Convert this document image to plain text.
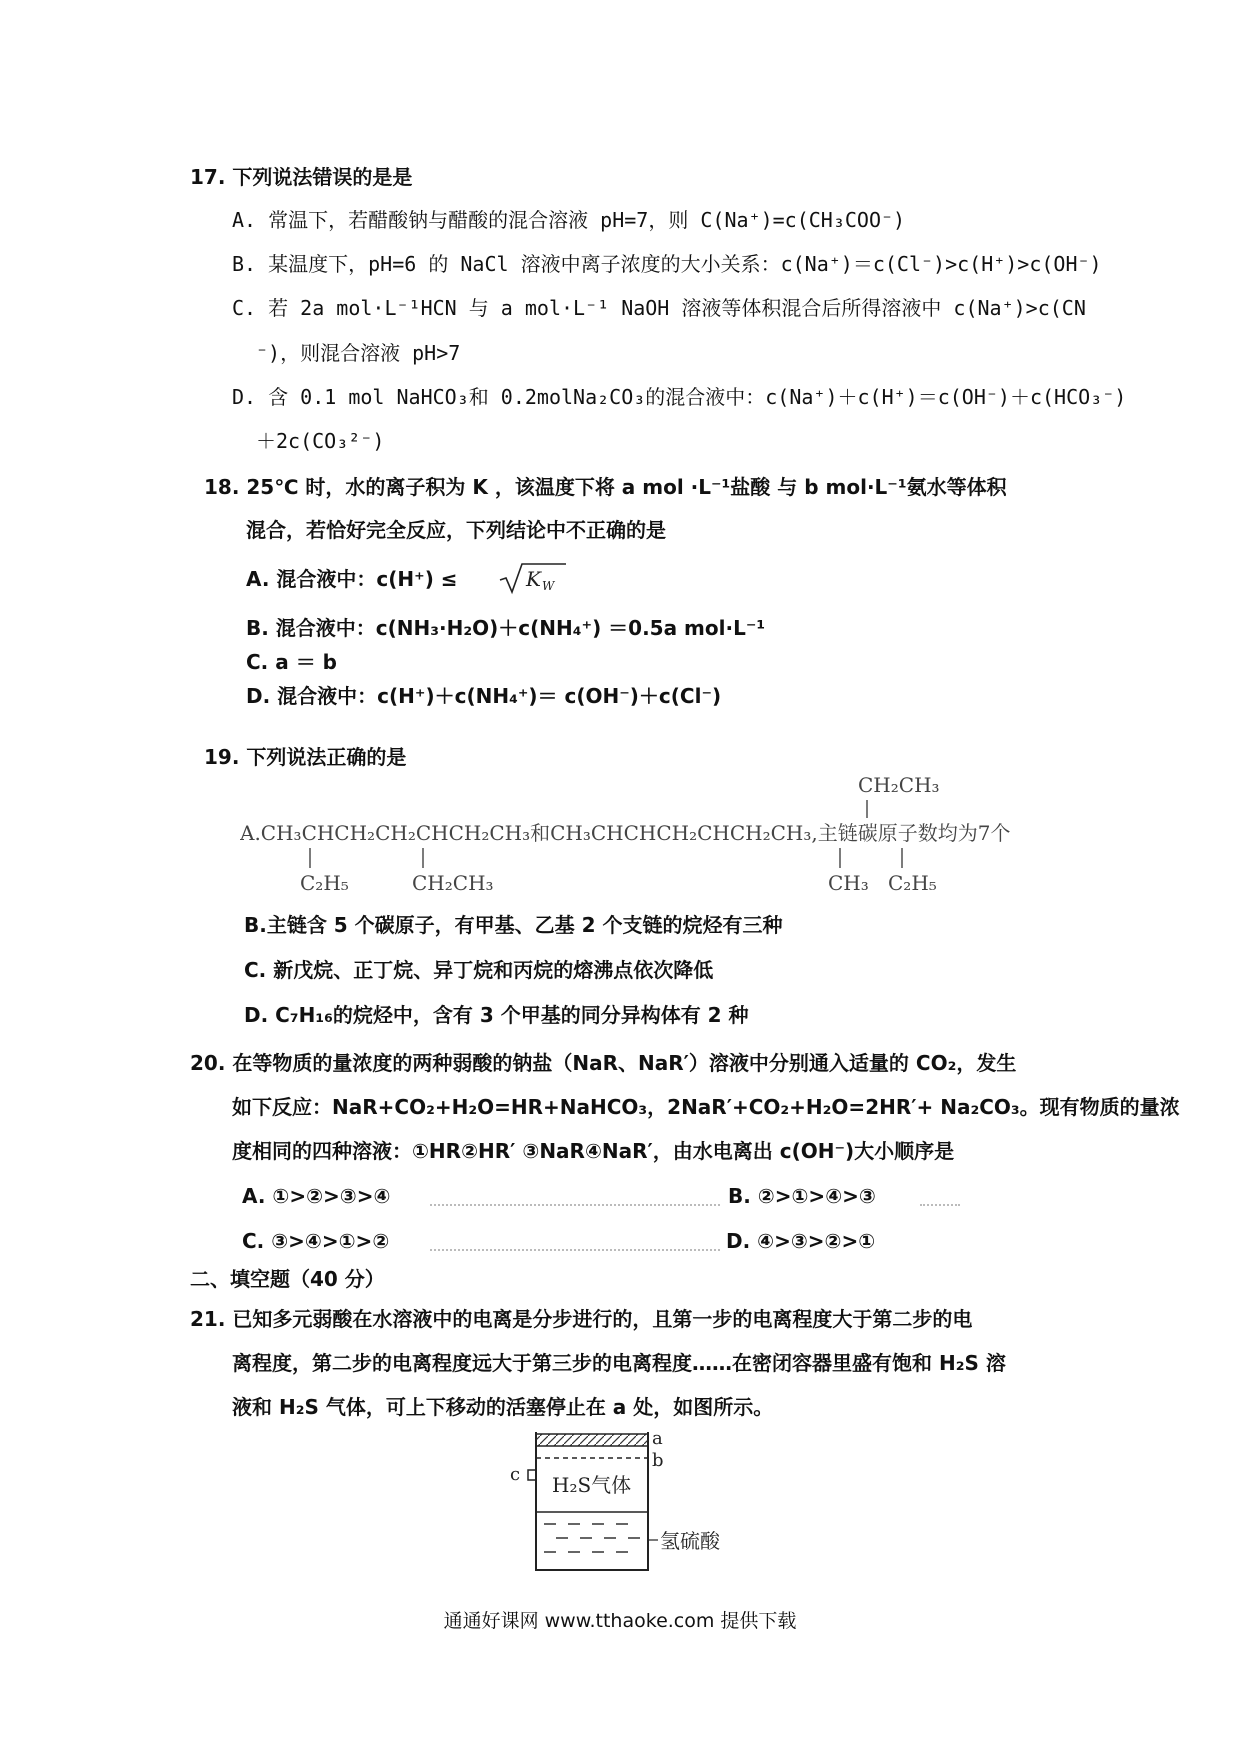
17. 下列说法错误的是是
A. 常温下，若醋酸钠与醋酸的混合溶液 pH=7，则 C(Na⁺)=c(CH₃COO⁻)
B. 某温度下，pH=6 的 NaCl 溶液中离子浓度的大小关系：c(Na⁺)＝c(Cl⁻)>c(H⁺)>c(OH⁻)
C. 若 2a mol·L⁻¹HCN 与 a mol·L⁻¹ NaOH 溶液等体积混合后所得溶液中 c(Na⁺)>c(CN
⁻)，则混合溶液 pH>7
D. 含 0.1 mol NaHCO₃和 0.2molNa₂CO₃的混合液中：c(Na⁺)＋c(H⁺)＝c(OH⁻)＋c(HCO₃⁻)
＋2c(CO₃²⁻)
18. 25℃ 时，水的离子积为 K ，该温度下将 a mol ·L⁻¹盐酸 与 b mol·L⁻¹氨水等体积
混合，若恰好完全反应，下列结论中不正确的是
A. 混合液中：c(H⁺) ≤	K W
B. 混合液中：c(NH₃·H₂O)＋c(NH₄⁺) ＝0.5a mol·L⁻¹
C. a ＝ b
D. 混合液中：c(H⁺)＋c(NH₄⁺)＝ c(OH⁻)＋c(Cl⁻)
19. 下列说法正确的是
CH₂CH₃
A.CH₃CHCH₂CH₂CHCH₂CH₃和CH₃CHCHCH₂CHCH₂CH₃,主链碳原子数均为7个
C₂H₅	CH₂CH₃	CH₃ C₂H₅
B.主链含 5 个碳原子，有甲基、乙基 2 个支链的烷烃有三种
C. 新戊烷、正丁烷、异丁烷和丙烷的熔沸点依次降低
D. C₇H₁₆的烷烃中，含有 3 个甲基的同分异构体有 2 种
20. 在等物质的量浓度的两种弱酸的钠盐（NaR、NaR′）溶液中分别通入适量的 CO₂，发生
如下反应：NaR+CO₂+H₂O=HR+NaHCO₃，2NaR′+CO₂+H₂O=2HR′+ Na₂CO₃。现有物质的量浓
度相同的四种溶液：①HR②HR′ ③NaR④NaR′，由水电离出 c(OH⁻)大小顺序是
A. ①>②>③>④	B. ②>①>④>③
C. ③>④>①>②	D. ④>③>②>①
二、填空题（40 分）
21. 已知多元弱酸在水溶液中的电离是分步进行的，且第一步的电离程度大于第二步的电
离程度，第二步的电离程度远大于第三步的电离程度……在密闭容器里盛有饱和 H₂S 溶
液和 H₂S 气体，可上下移动的活塞停止在 a 处，如图所示。
c
a
b
H₂S气体
氢硫酸
通通好课网 www.tthaoke.com 提供下载
